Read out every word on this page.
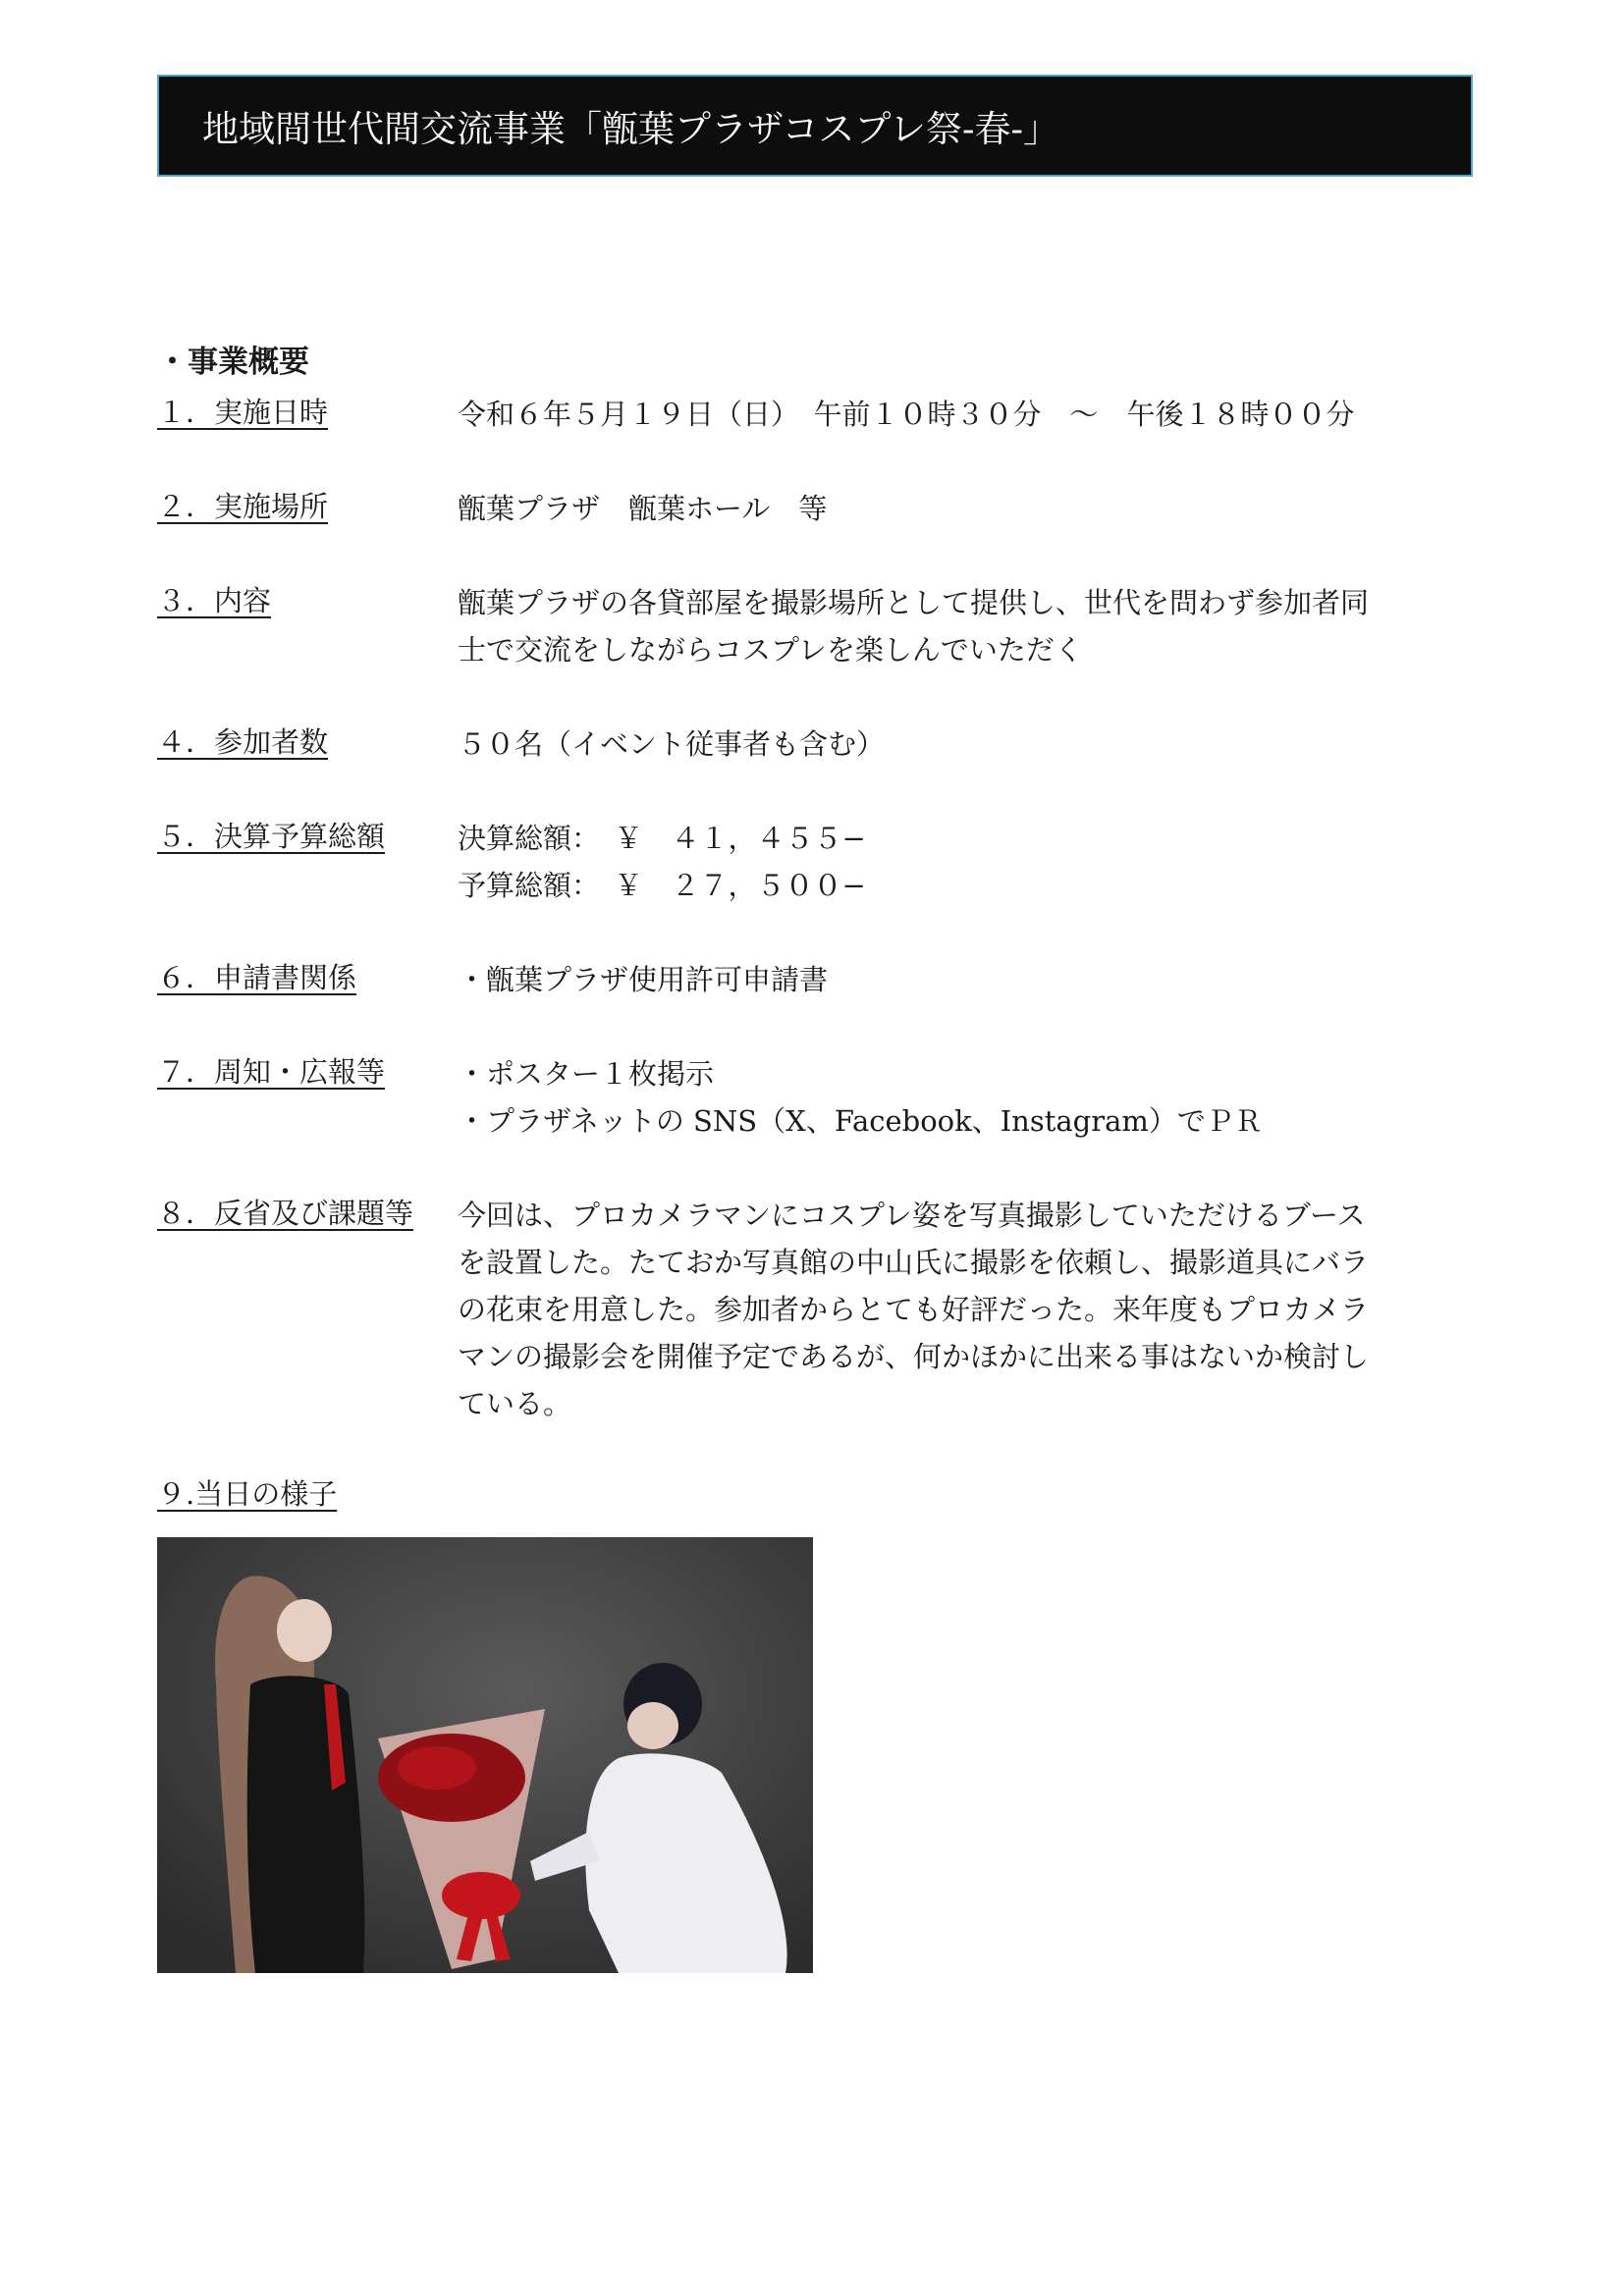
地域間世代間交流事業「甑葉プラザコスプレ祭-春-」
・事業概要
１．実施日時	令和６年５月１９日（日）　午前１０時３０分　～　午後１８時００分
２．実施場所	甑葉プラザ　甑葉ホール　等
３．内容	甑葉プラザの各貸部屋を撮影場所として提供し、世代を問わず参加者同
士で交流をしながらコスプレを楽しんでいただく
４．参加者数	５０名（イベント従事者も含む）
５．決算予算総額	決算総額：　￥　４１，４５５−
予算総額：　￥　２７，５００−
６．申請書関係	・甑葉プラザ使用許可申請書
７．周知・広報等	・ポスター１枚掲示
・プラザネットの SNS（X、Facebook、Instagram）でＰＲ
８．反省及び課題等 今回は、プロカメラマンにコスプレ姿を写真撮影していただけるブース
を設置した。たておか写真館の中山氏に撮影を依頼し、撮影道具にバラ
の花束を用意した。参加者からとても好評だった。来年度もプロカメラ
マンの撮影会を開催予定であるが、何かほかに出来る事はないか検討し
ている。
９.当日の様子
